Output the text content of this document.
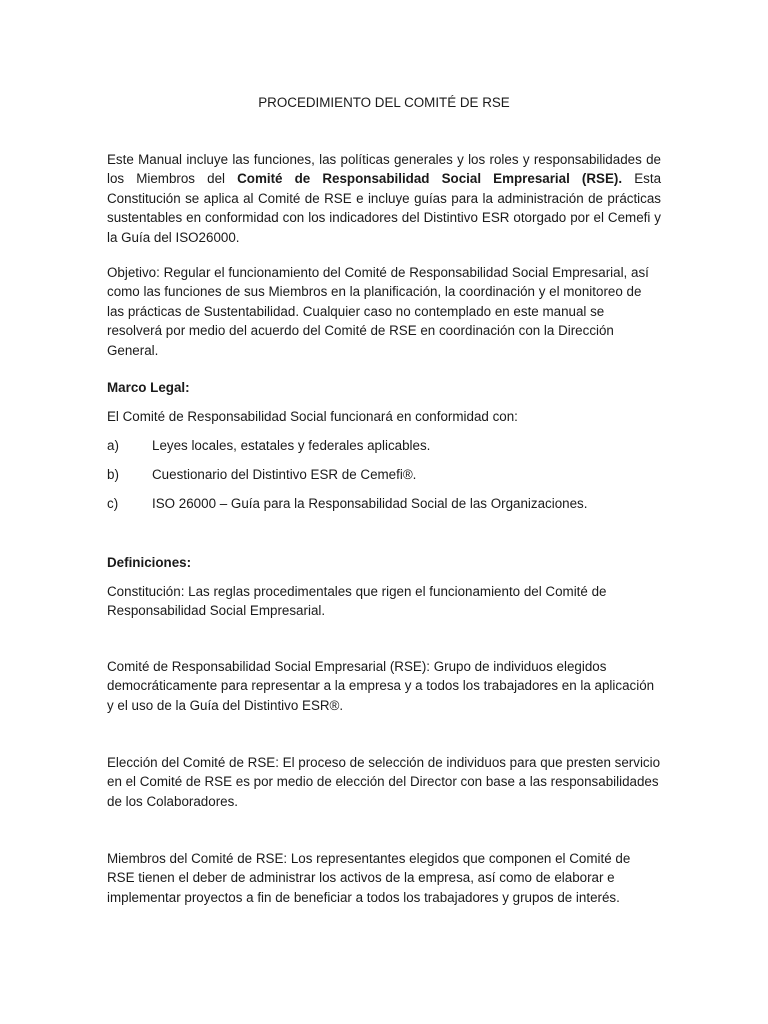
PROCEDIMIENTO DEL COMITÉ DE RSE

Este Manual incluye las funciones, las políticas generales y los roles y responsabilidades de los Miembros del Comité de Responsabilidad Social Empresarial (RSE). Esta Constitución se aplica al Comité de RSE e incluye guías para la administración de prácticas sustentables en conformidad con los indicadores del Distintivo ESR otorgado por el Cemefi y la Guía del ISO26000.

Objetivo: Regular el funcionamiento del Comité de Responsabilidad Social Empresarial, así como las funciones de sus Miembros en la planificación, la coordinación y el monitoreo de las prácticas de Sustentabilidad. Cualquier caso no contemplado en este manual se resolverá por medio del acuerdo del Comité de RSE en coordinación con la Dirección General.

Marco Legal:

El Comité de Responsabilidad Social funcionará en conformidad con:

a)	Leyes locales, estatales y federales aplicables.
b)	Cuestionario del Distintivo ESR de Cemefi®.
c)	ISO 26000 – Guía para la Responsabilidad Social de las Organizaciones.

Definiciones:

Constitución: Las reglas procedimentales que rigen el funcionamiento del Comité de Responsabilidad Social Empresarial.

Comité de Responsabilidad Social Empresarial (RSE): Grupo de individuos elegidos democráticamente para representar a la empresa y a todos los trabajadores en la aplicación y el uso de la Guía del Distintivo ESR®.

Elección del Comité de RSE: El proceso de selección de individuos para que presten servicio en el Comité de RSE es por medio de elección del Director con base a las responsabilidades de los Colaboradores.

Miembros del Comité de RSE: Los representantes elegidos que componen el Comité de RSE tienen el deber de administrar los activos de la empresa, así como de elaborar e implementar proyectos a fin de beneficiar a todos los trabajadores y grupos de interés.
